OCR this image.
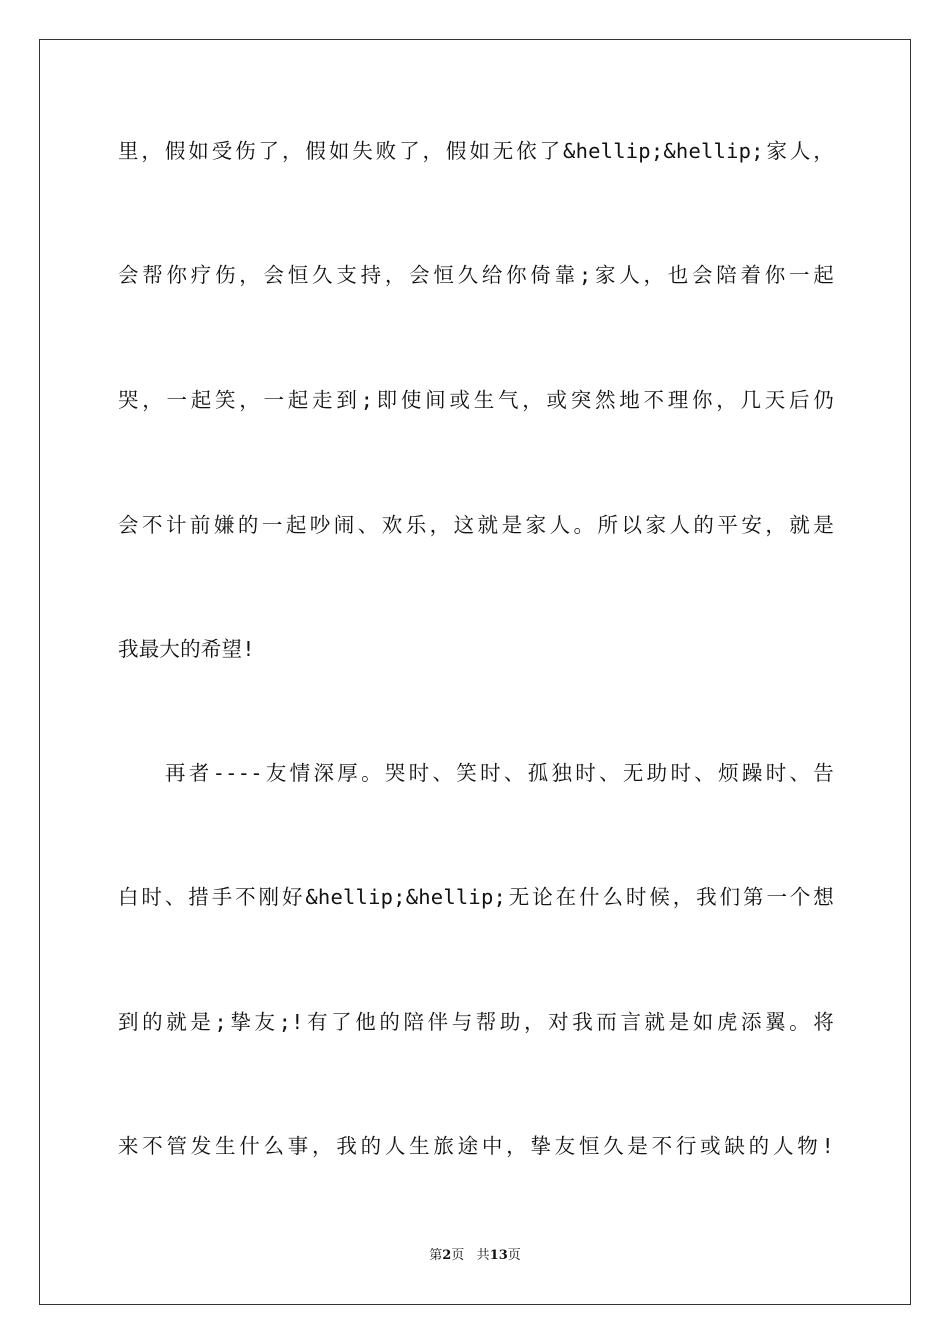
里，假如受伤了，假如失败了，假如无依了&hellip;&hellip;家人，
会帮你疗伤，会恒久支持，会恒久给你倚靠;家人，也会陪着你一起
哭，一起笑，一起走到;即使间或生气，或突然地不理你，几天后仍
会不计前嫌的一起吵闹、欢乐，这就是家人。所以家人的平安，就是
我最大的希望!
再者----友情深厚。哭时、笑时、孤独时、无助时、烦躁时、告
白时、措手不刚好&hellip;&hellip;无论在什么时候，我们第一个想
到的就是;挚友;!有了他的陪伴与帮助，对我而言就是如虎添翼。将
来不管发生什么事，我的人生旅途中，挚友恒久是不行或缺的人物!
第2页 共13页
